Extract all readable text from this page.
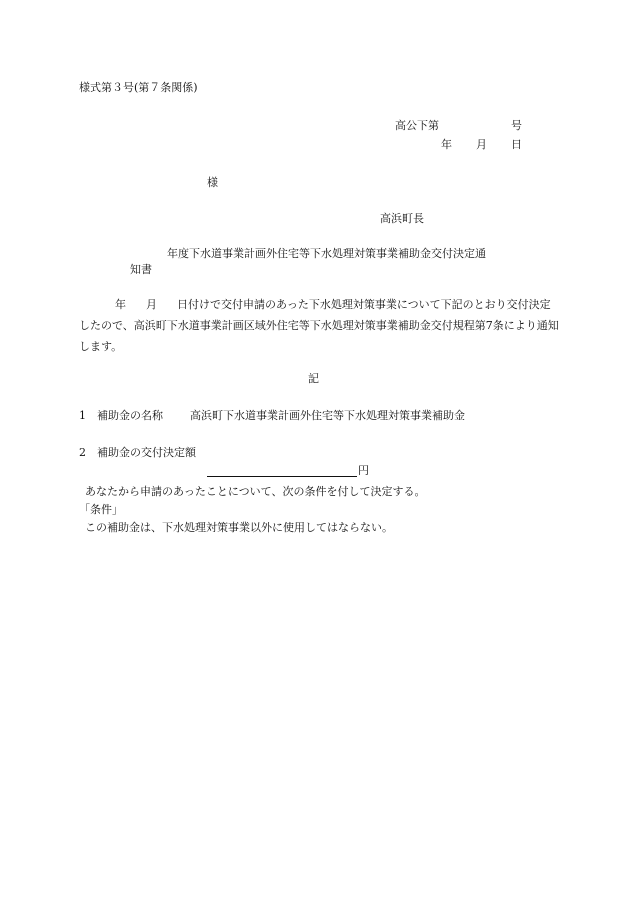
様式第３号(第７条関係)
高公下第	号
年 月 日
様
高浜町長
年度下水道事業計画外住宅等下水処理対策事業補助金交付決定通
知書
年 月 日付けで交付申請のあった下水処理対策事業について下記のとおり交付決定したので、高浜町下水道事業計画区域外住宅等下水処理対策事業補助金交付規程第7条により通知します。
記
1 補助金の名称 高浜町下水道事業計画外住宅等下水処理対策事業補助金
2 補助金の交付決定額
円
あなたから申請のあったことについて、次の条件を付して決定する。
「条件」
この補助金は、下水処理対策事業以外に使用してはならない。
